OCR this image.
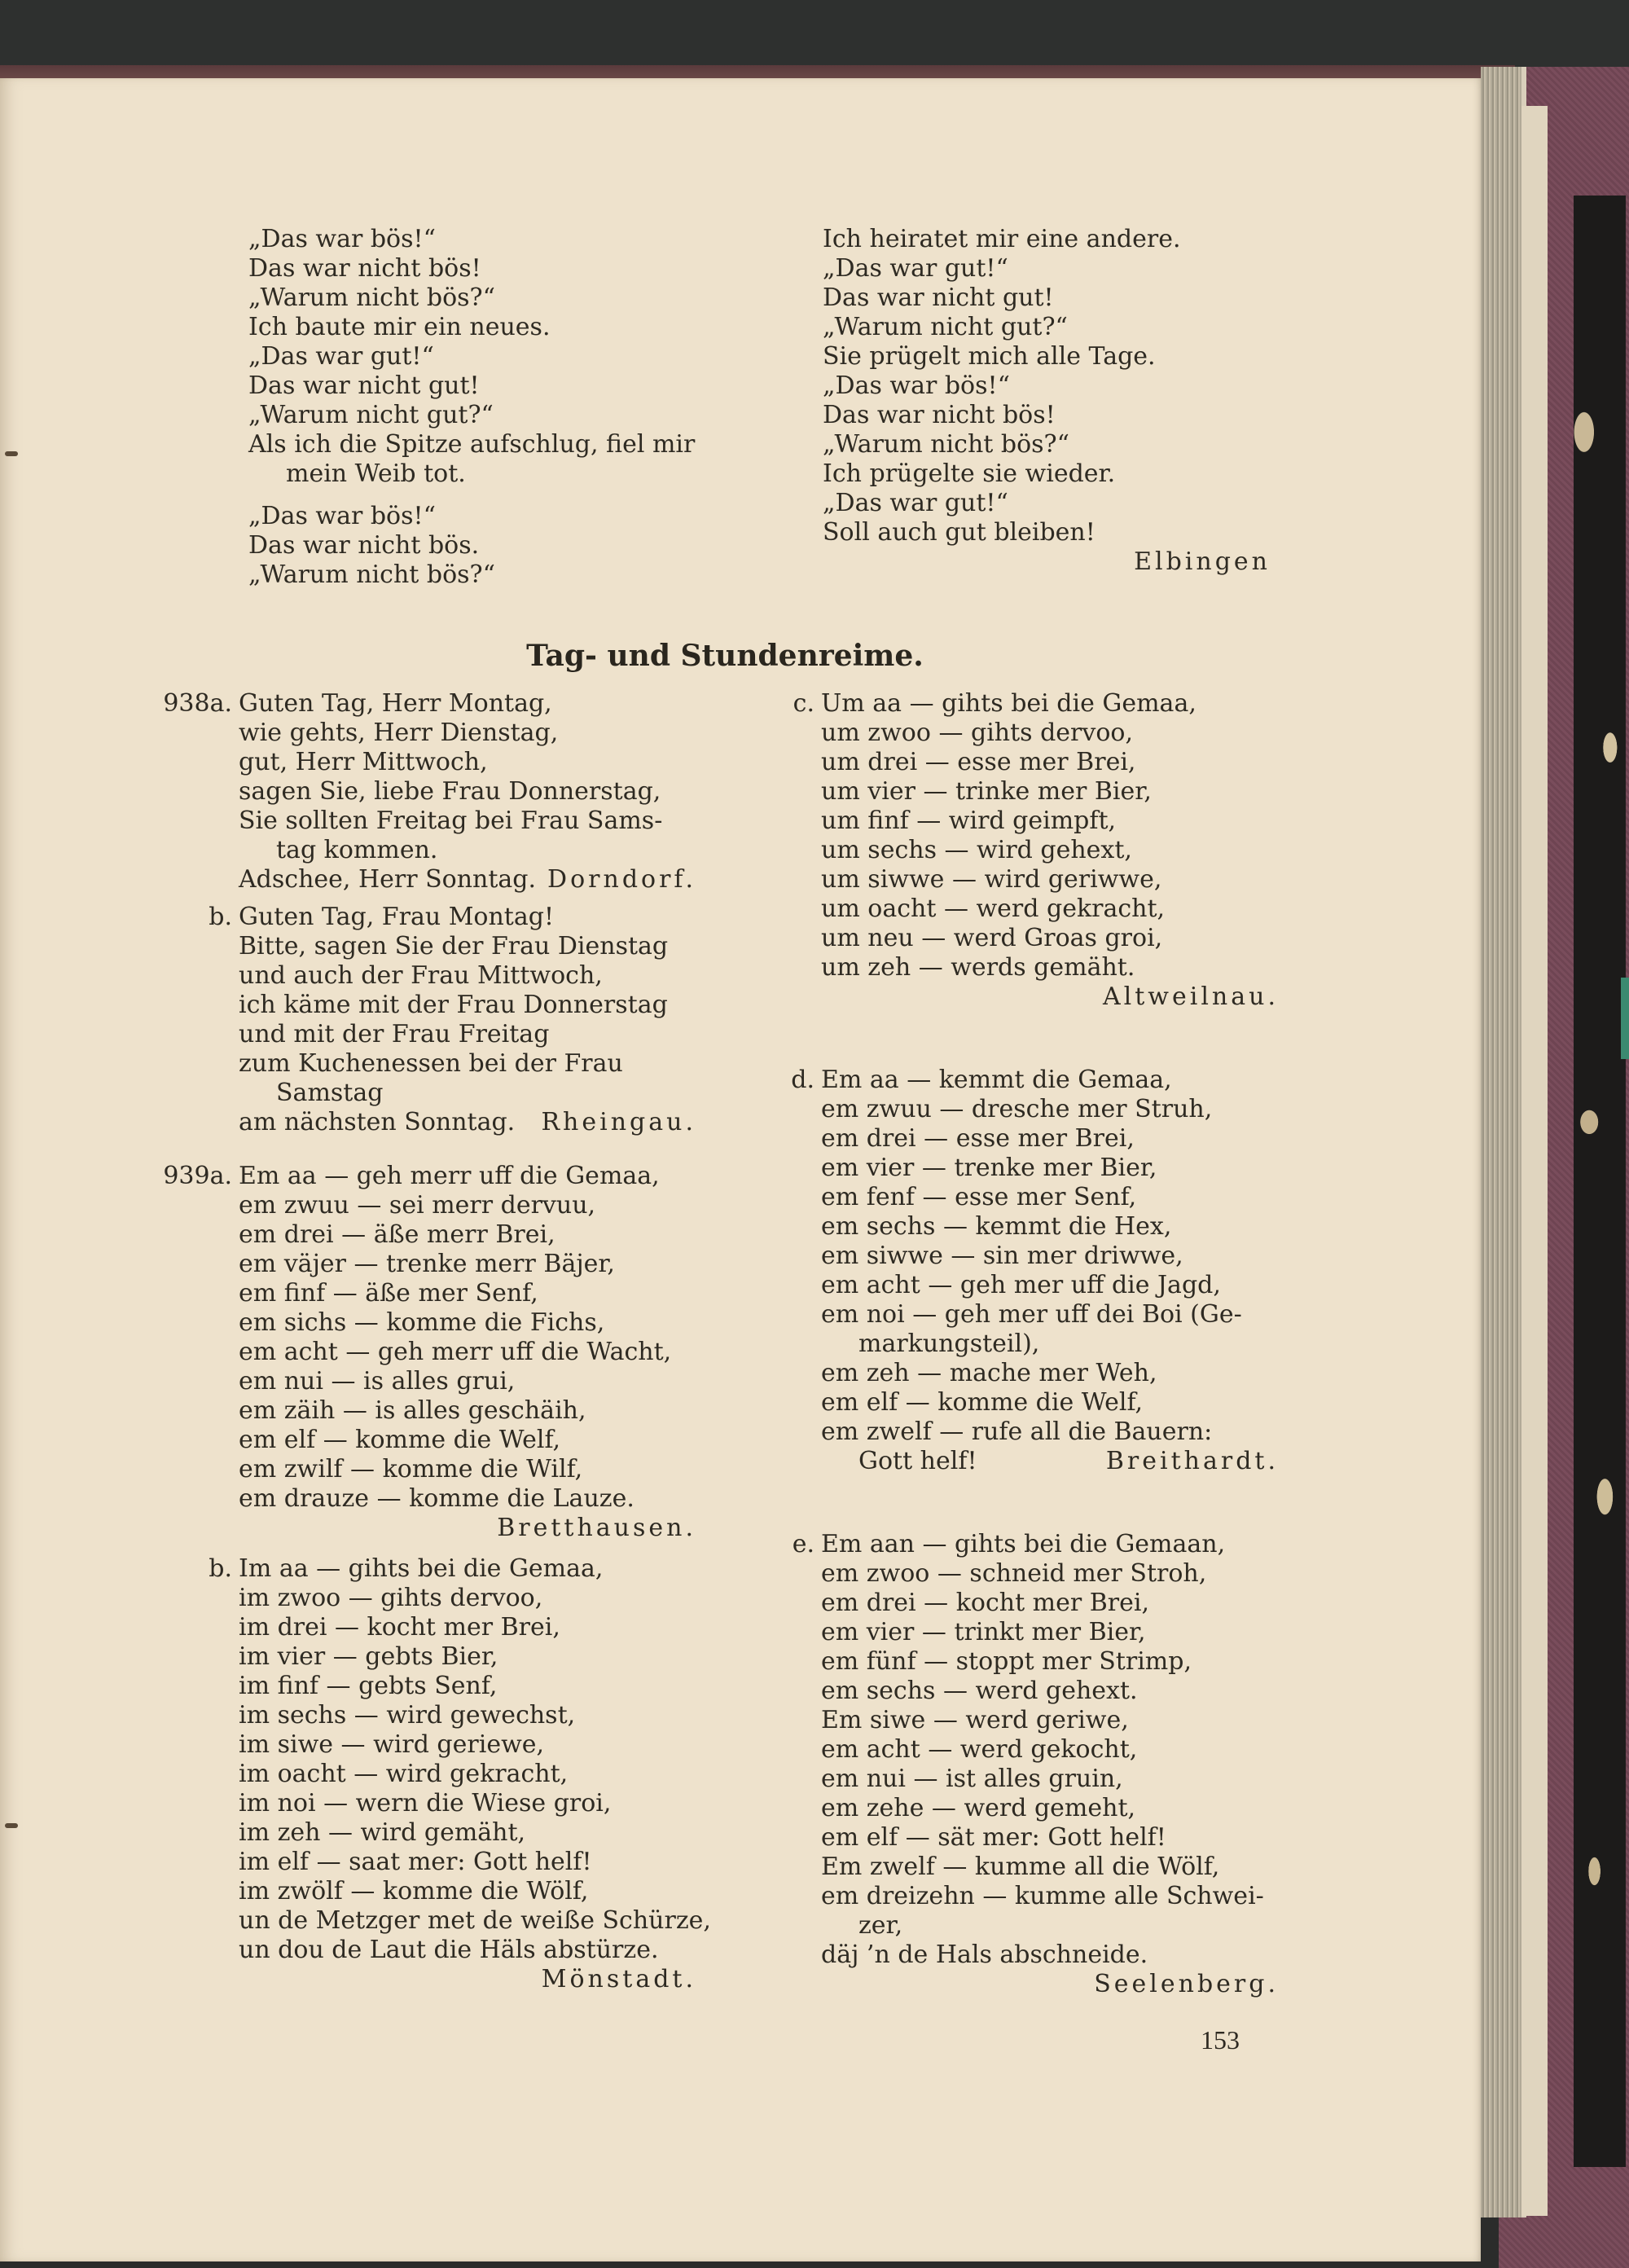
„Das war bös!“
Das war nicht bös!
„Warum nicht bös?“
Ich baute mir ein neues.
„Das war gut!“
Das war nicht gut!
„Warum nicht gut?“
Als ich die Spitze aufschlug, fiel mir
mein Weib tot.
„Das war bös!“
Das war nicht bös.
„Warum nicht bös?“
Ich heiratet mir eine andere.
„Das war gut!“
Das war nicht gut!
„Warum nicht gut?“
Sie prügelt mich alle Tage.
„Das war bös!“
Das war nicht bös!
„Warum nicht bös?“
Ich prügelte sie wieder.
„Das war gut!“
Soll auch gut bleiben!
Elbingen
Tag- und Stundenreime.
938a. Guten Tag, Herr Montag,
wie gehts, Herr Dienstag,
gut, Herr Mittwoch,
sagen Sie, liebe Frau Donnerstag,
Sie sollten Freitag bei Frau Sams-
tag kommen.
Adschee, Herr Sonntag. Dorndorf.
b. Guten Tag, Frau Montag!
Bitte, sagen Sie der Frau Dienstag
und auch der Frau Mittwoch,
ich käme mit der Frau Donnerstag
und mit der Frau Freitag
zum Kuchenessen bei der Frau
Samstag
am nächsten Sonntag. Rheingau.
939a. Em aa — geh merr uff die Gemaa,
em zwuu — sei merr dervuu,
em drei — äße merr Brei,
em väjer — trenke merr Bäjer,
em finf — äße mer Senf,
em sichs — komme die Fichs,
em acht — geh merr uff die Wacht,
em nui — is alles grui,
em zäih — is alles geschäih,
em elf — komme die Welf,
em zwilf — komme die Wilf,
em drauze — komme die Lauze.
Bretthausen.
b. Im aa — gihts bei die Gemaa,
im zwoo — gihts dervoo,
im drei — kocht mer Brei,
im vier — gebts Bier,
im finf — gebts Senf,
im sechs — wird gewechst,
im siwe — wird geriewe,
im oacht — wird gekracht,
im noi — wern die Wiese groi,
im zeh — wird gemäht,
im elf — saat mer: Gott helf!
im zwölf — komme die Wölf,
un de Metzger met de weiße Schürze,
un dou de Laut die Häls abstürze.
Mönstadt.
c. Um aa — gihts bei die Gemaa,
um zwoo — gihts dervoo,
um drei — esse mer Brei,
um vier — trinke mer Bier,
um finf — wird geimpft,
um sechs — wird gehext,
um siwwe — wird geriwwe,
um oacht — werd gekracht,
um neu — werd Groas groi,
um zeh — werds gemäht.
Altweilnau.
d. Em aa — kemmt die Gemaa,
em zwuu — dresche mer Struh,
em drei — esse mer Brei,
em vier — trenke mer Bier,
em fenf — esse mer Senf,
em sechs — kemmt die Hex,
em siwwe — sin mer driwwe,
em acht — geh mer uff die Jagd,
em noi — geh mer uff dei Boi (Ge-
markungsteil),
em zeh — mache mer Weh,
em elf — komme die Welf,
em zwelf — rufe all die Bauern:
Gott helf!	Breithardt.
e. Em aan — gihts bei die Gemaan,
em zwoo — schneid mer Stroh,
em drei — kocht mer Brei,
em vier — trinkt mer Bier,
em fünf — stoppt mer Strimp,
em sechs — werd gehext.
Em siwe — werd geriwe,
em acht — werd gekocht,
em nui — ist alles gruin,
em zehe — werd gemeht,
em elf — sät mer: Gott helf!
Em zwelf — kumme all die Wölf,
em dreizehn — kumme alle Schwei-
zer,
däj ’n de Hals abschneide.
Seelenberg.
153
